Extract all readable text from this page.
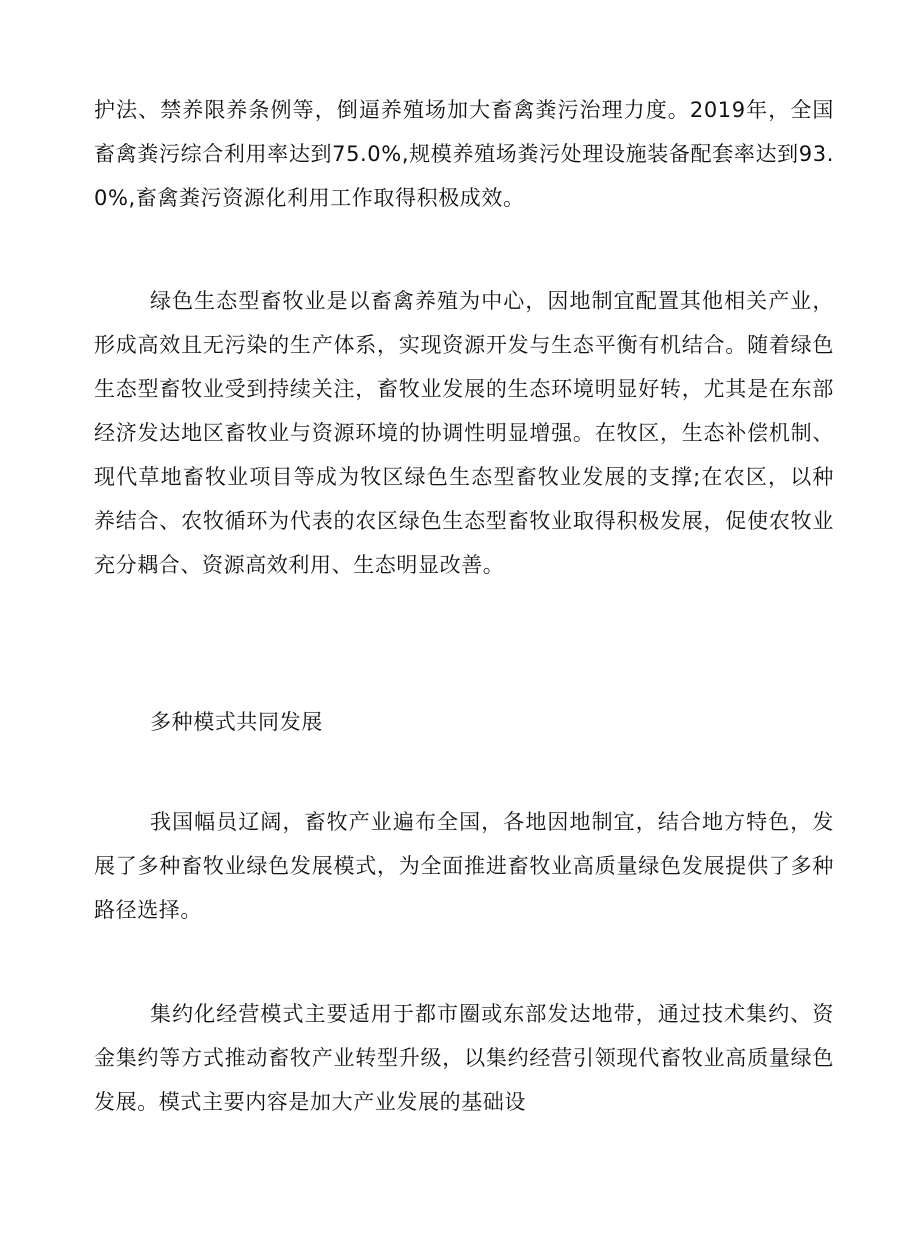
护法、禁养限养条例等，倒逼养殖场加大畜禽粪污治理力度。2019年，全国畜禽粪污综合利用率达到75.0%,规模养殖场粪污处理设施装备配套率达到93.0%,畜禽粪污资源化利用工作取得积极成效。

绿色生态型畜牧业是以畜禽养殖为中心，因地制宜配置其他相关产业，形成高效且无污染的生产体系，实现资源开发与生态平衡有机结合。随着绿色生态型畜牧业受到持续关注，畜牧业发展的生态环境明显好转，尤其是在东部经济发达地区畜牧业与资源环境的协调性明显增强。在牧区，生态补偿机制、现代草地畜牧业项目等成为牧区绿色生态型畜牧业发展的支撑;在农区，以种养结合、农牧循环为代表的农区绿色生态型畜牧业取得积极发展，促使农牧业充分耦合、资源高效利用、生态明显改善。

多种模式共同发展

我国幅员辽阔，畜牧产业遍布全国，各地因地制宜，结合地方特色，发展了多种畜牧业绿色发展模式，为全面推进畜牧业高质量绿色发展提供了多种路径选择。

集约化经营模式主要适用于都市圈或东部发达地带，通过技术集约、资金集约等方式推动畜牧产业转型升级，以集约经营引领现代畜牧业高质量绿色发展。模式主要内容是加大产业发展的基础设
